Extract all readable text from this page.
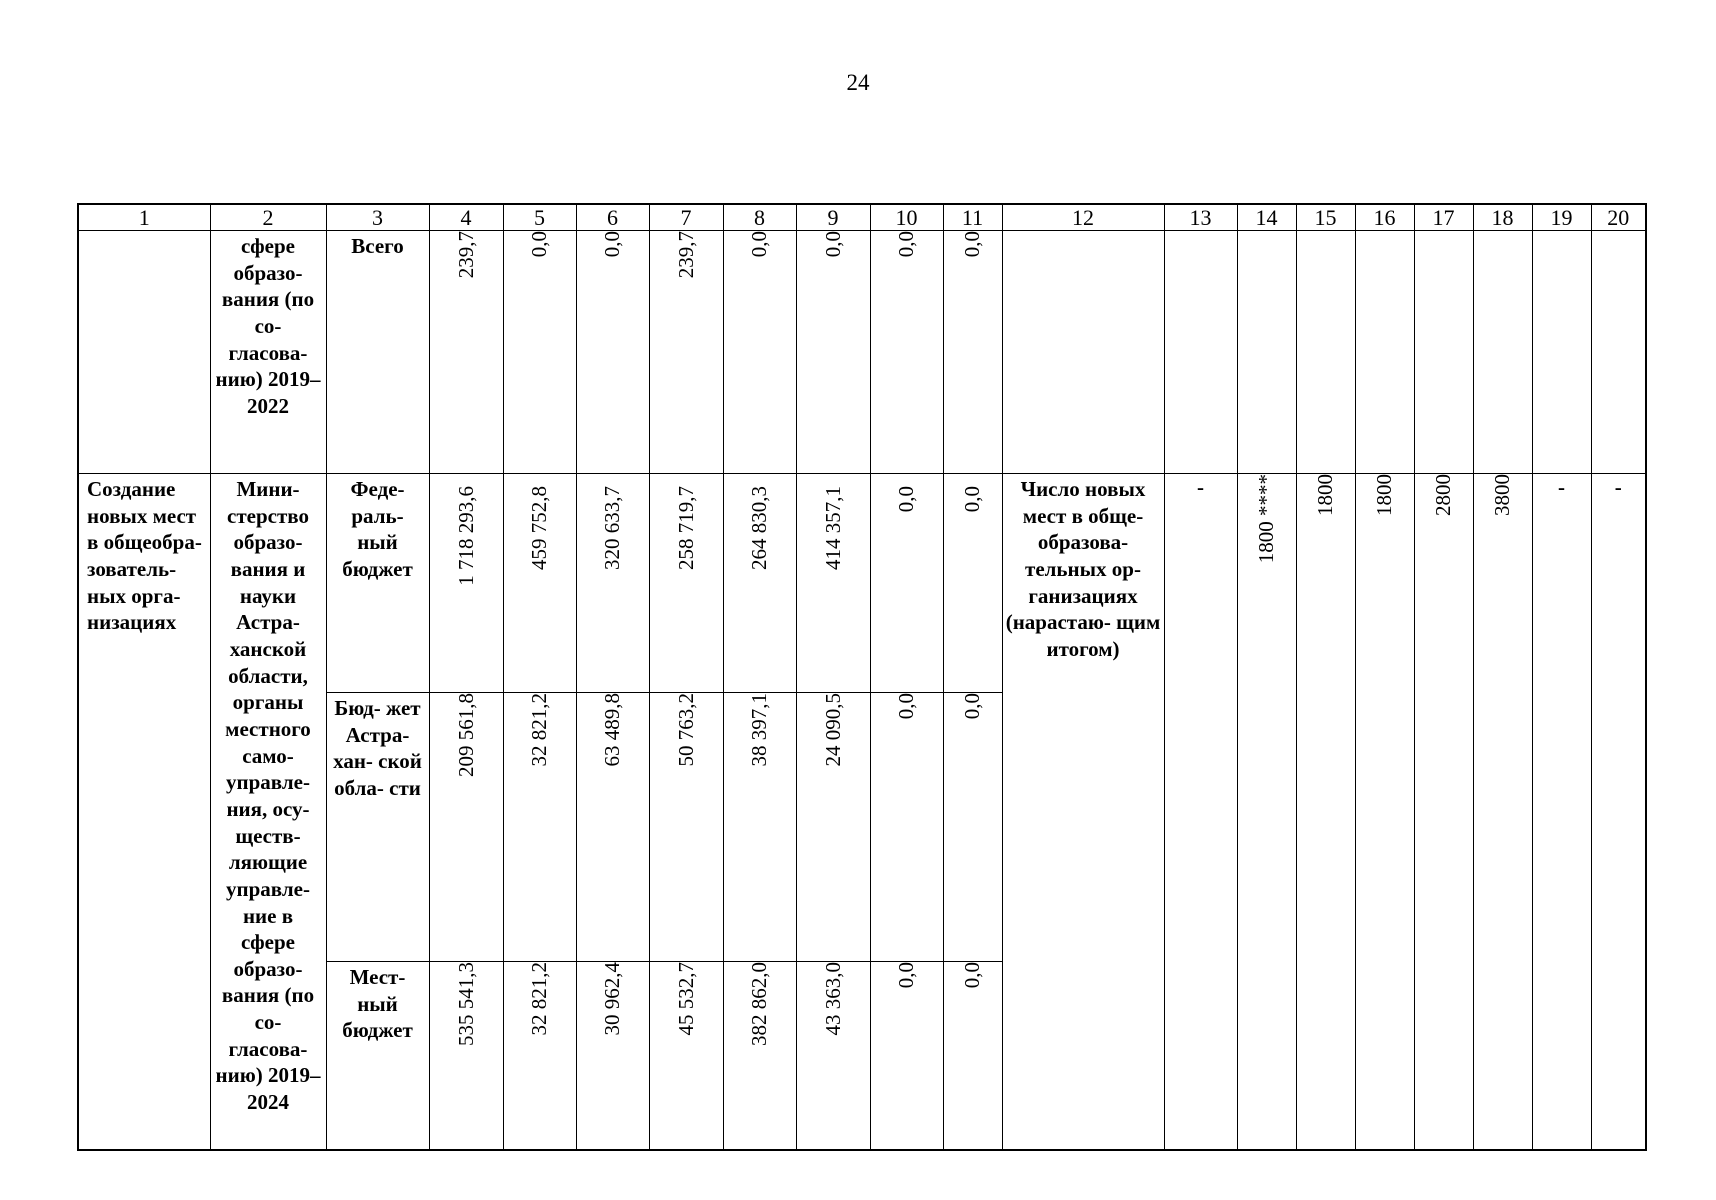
24
1	2	3	4	5	6	7	8	9	10	11	12	13	14	15	16	17	18	19	20
	сфере образо- вания (по со- гласова- нию) 2019– 2022	Всего	239,7	0,0	0,0	239,7	0,0	0,0	0,0	0,0									
Создание новых мест в общеобра- зователь- ных орга- низациях	Мини- стерство образо- вания и науки Астра- ханской области, органы местного само- управле- ния, осу- ществ- ляющие управле- ние в сфере образо- вания (по со- гласова- нию) 2019– 2024	Феде- раль- ный бюджет	1 718 293,6	459 752,8	320 633,7	258 719,7	264 830,3	414 357,1	0,0	0,0	Число новых мест в обще- образова- тельных ор- ганизациях (нарастаю- щим итогом)	-	1800 ****	1800	1800	2800	3800	-	-
		Бюд- жет Астра- хан- ской обла- сти	209 561,8	32 821,2	63 489,8	50 763,2	38 397,1	24 090,5	0,0	0,0									
		Мест- ный бюджет	535 541,3	32 821,2	30 962,4	45 532,7	382 862,0	43 363,0	0,0	0,0									
